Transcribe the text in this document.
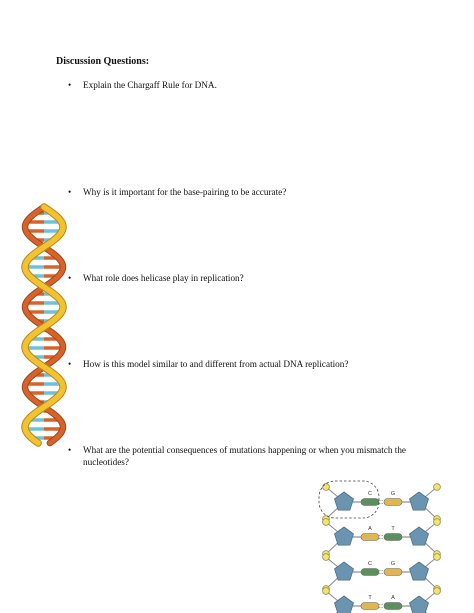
Discussion Questions:
• Explain the Chargaff Rule for DNA.
• Why is it important for the base-pairing to be accurate?
• What role does helicase play in replication?
• How is this model similar to and different from actual DNA replication?
• What are the potential consequences of mutations happening or when you mismatch the nucleotides?
C	G
A	T
C	G
T	A
